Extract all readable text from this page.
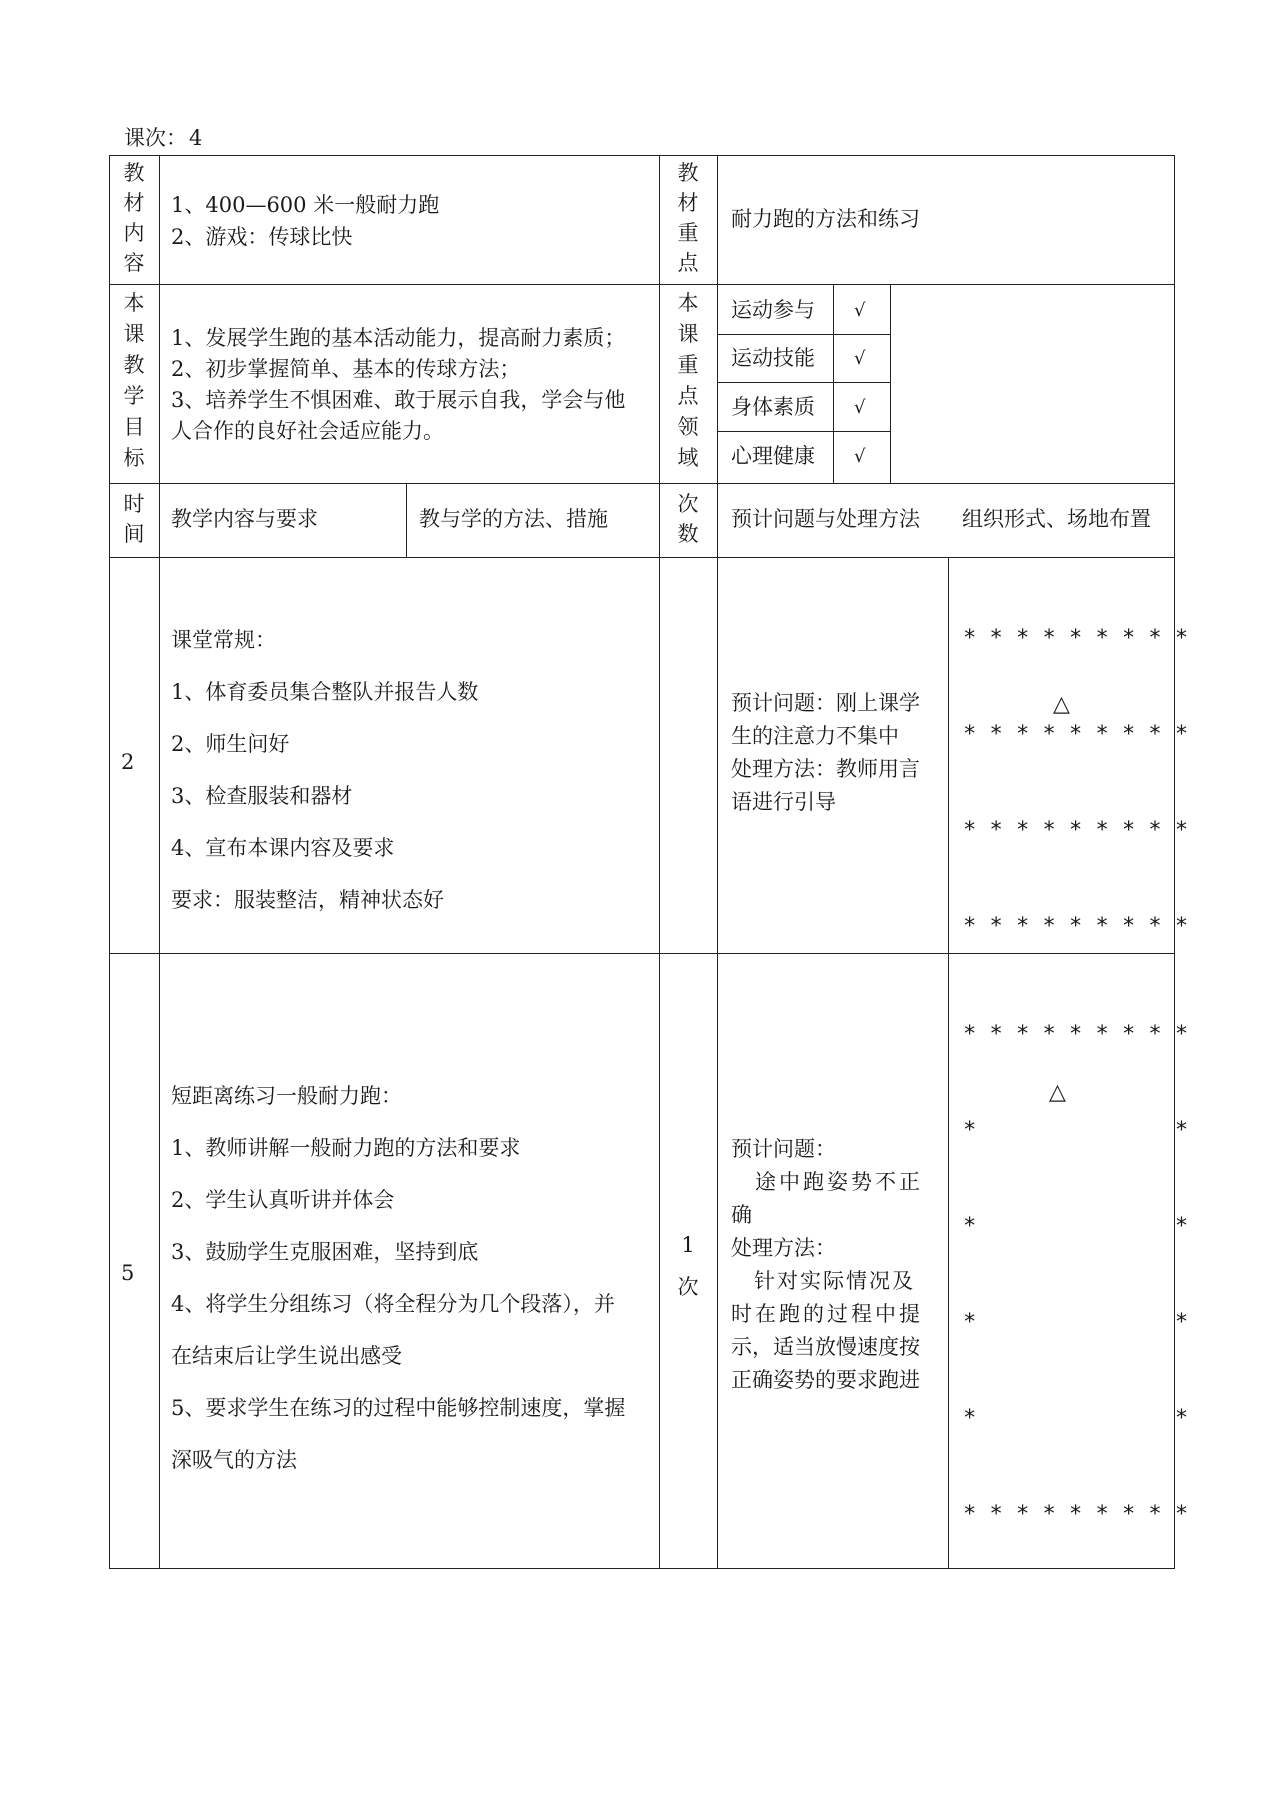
课次：4
教
材
内
容
1、400—600 米一般耐力跑
2、游戏：传球比快
教
材
重
点
耐力跑的方法和练习
本
课
教
学
目
标
1、发展学生跑的基本活动能力，提高耐力素质；
2、初步掌握简单、基本的传球方法；
3、培养学生不惧困难、敢于展示自我，学会与他
人合作的良好社会适应能力。
本
课
重
点
领
域
运动参与 √
运动技能 √
身体素质 √
心理健康 √
时
间
教学内容与要求	教与学的方法、措施
次
数
预计问题与处理方法 组织形式、场地布置
2
课堂常规：
1、体育委员集合整队并报告人数
2、师生问好
3、检查服装和器材
4、宣布本课内容及要求
要求：服装整洁，精神状态好
预计问题：刚上课学
生的注意力不集中
处理方法：教师用言
语进行引导

* * * * * * * * *

* * * * * * * * *

* * * * * * * * *

* * * * * * * * *

△
5
短距离练习一般耐力跑：
1、教师讲解一般耐力跑的方法和要求
2、学生认真听讲并体会
3、鼓励学生克服困难，坚持到底
4、将学生分组练习（将全程分为几个段落），并
在结束后让学生说出感受
5、要求学生在练习的过程中能够控制速度，掌握
深吸气的方法
1
次
预计问题：
　途中跑姿势不正
确
处理方法：
　针对实际情况及
时在跑的过程中提
示，适当放慢速度按
正确姿势的要求跑进

* * * * * * * * *

*               *

*               *

*               *

*               *

* * * * * * * * *

△
